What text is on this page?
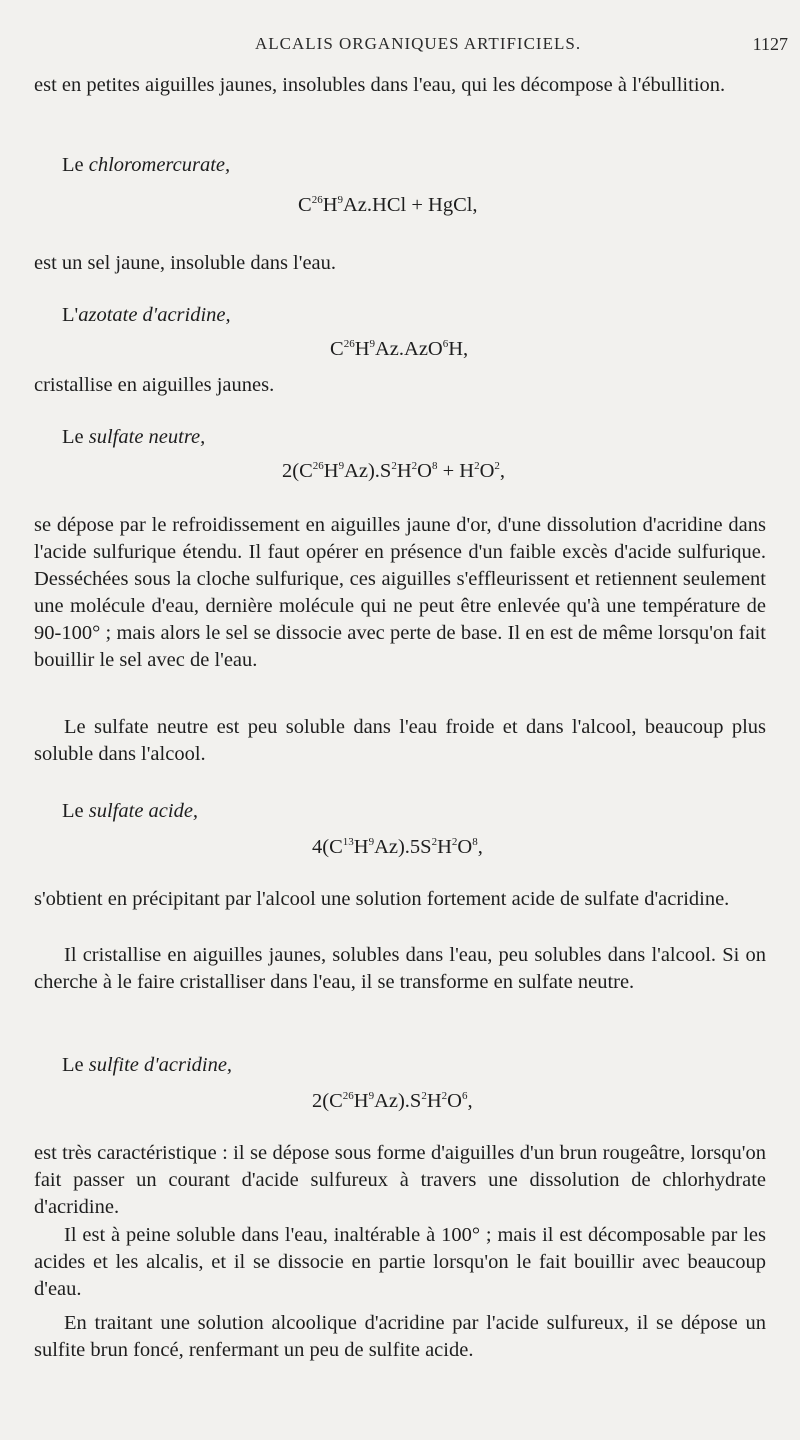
ALCALIS ORGANIQUES ARTIFICIELS.	1127
est en petites aiguilles jaunes, insolubles dans l'eau, qui les décompose à l'ébullition.
Le chloromercurate,
$C^{26}H^9Az.HCl$ + HgCl,
est un sel jaune, insoluble dans l'eau.
L'azotate d'acridine,
$C^{26}H^9Az.AzO^6H$,
cristallise en aiguilles jaunes.
Le sulfate neutre,
$2(C^{26}H^9Az).S^2H^2O^8 + H^2O^2$,
se dépose par le refroidissement en aiguilles jaune d'or, d'une dissolution d'acridine dans l'acide sulfurique étendu. Il faut opérer en présence d'un faible excès d'acide sulfurique. Desséchées sous la cloche sulfurique, ces aiguilles s'effleurissent et retiennent seulement une molécule d'eau, dernière molécule qui ne peut être enlevée qu'à une température de 90-100° ; mais alors le sel se dissocie avec perte de base. Il en est de même lorsqu'on fait bouillir le sel avec de l'eau.
Le sulfate neutre est peu soluble dans l'eau froide et dans l'alcool, beaucoup plus soluble dans l'alcool.
Le sulfate acide,
$4(C^{13}H^9Az).5S^2H^2O^8$,
s'obtient en précipitant par l'alcool une solution fortement acide de sulfate d'acridine.
Il cristallise en aiguilles jaunes, solubles dans l'eau, peu solubles dans l'alcool. Si on cherche à le faire cristalliser dans l'eau, il se transforme en sulfate neutre.
Le sulfite d'acridine,
$2(C^{26}H^9Az).S^2H^2O^6$,
est très caractéristique : il se dépose sous forme d'aiguilles d'un brun rougeâtre, lorsqu'on fait passer un courant d'acide sulfureux à travers une dissolution de chlorhydrate d'acridine.
Il est à peine soluble dans l'eau, inaltérable à 100° ; mais il est décomposable par les acides et les alcalis, et il se dissocie en partie lorsqu'on le fait bouillir avec beaucoup d'eau.
En traitant une solution alcoolique d'acridine par l'acide sulfureux, il se dépose un sulfite brun foncé, renfermant un peu de sulfite acide.
